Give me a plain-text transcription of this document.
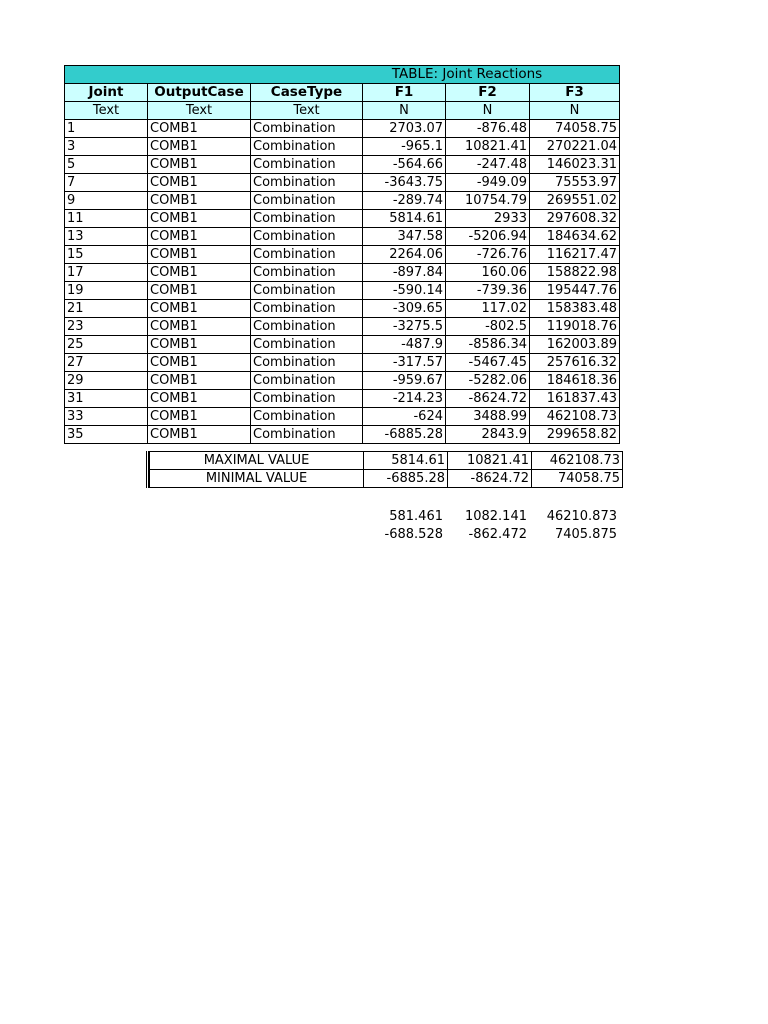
TABLE: Joint Reactions					
Joint	OutputCase	CaseType	F1	F2	F3
Text	Text	Text	N	N	N
1	COMB1	Combination	2703.07	-876.48	74058.75
3	COMB1	Combination	-965.1	10821.41	270221.04
5	COMB1	Combination	-564.66	-247.48	146023.31
7	COMB1	Combination	-3643.75	-949.09	75553.97
9	COMB1	Combination	-289.74	10754.79	269551.02
11	COMB1	Combination	5814.61	2933	297608.32
13	COMB1	Combination	347.58	-5206.94	184634.62
15	COMB1	Combination	2264.06	-726.76	116217.47
17	COMB1	Combination	-897.84	160.06	158822.98
19	COMB1	Combination	-590.14	-739.36	195447.76
21	COMB1	Combination	-309.65	117.02	158383.48
23	COMB1	Combination	-3275.5	-802.5	119018.76
25	COMB1	Combination	-487.9	-8586.34	162003.89
27	COMB1	Combination	-317.57	-5467.45	257616.32
29	COMB1	Combination	-959.67	-5282.06	184618.36
31	COMB1	Combination	-214.23	-8624.72	161837.43
33	COMB1	Combination	-624	3488.99	462108.73
35	COMB1	Combination	-6885.28	2843.9	299658.82
MAXIMAL VALUE	5814.61	10821.41	462108.73
MINIMAL VALUE	-6885.28	-8624.72	74058.75
581.461	1082.141	46210.873
-688.528	-862.472	7405.875
